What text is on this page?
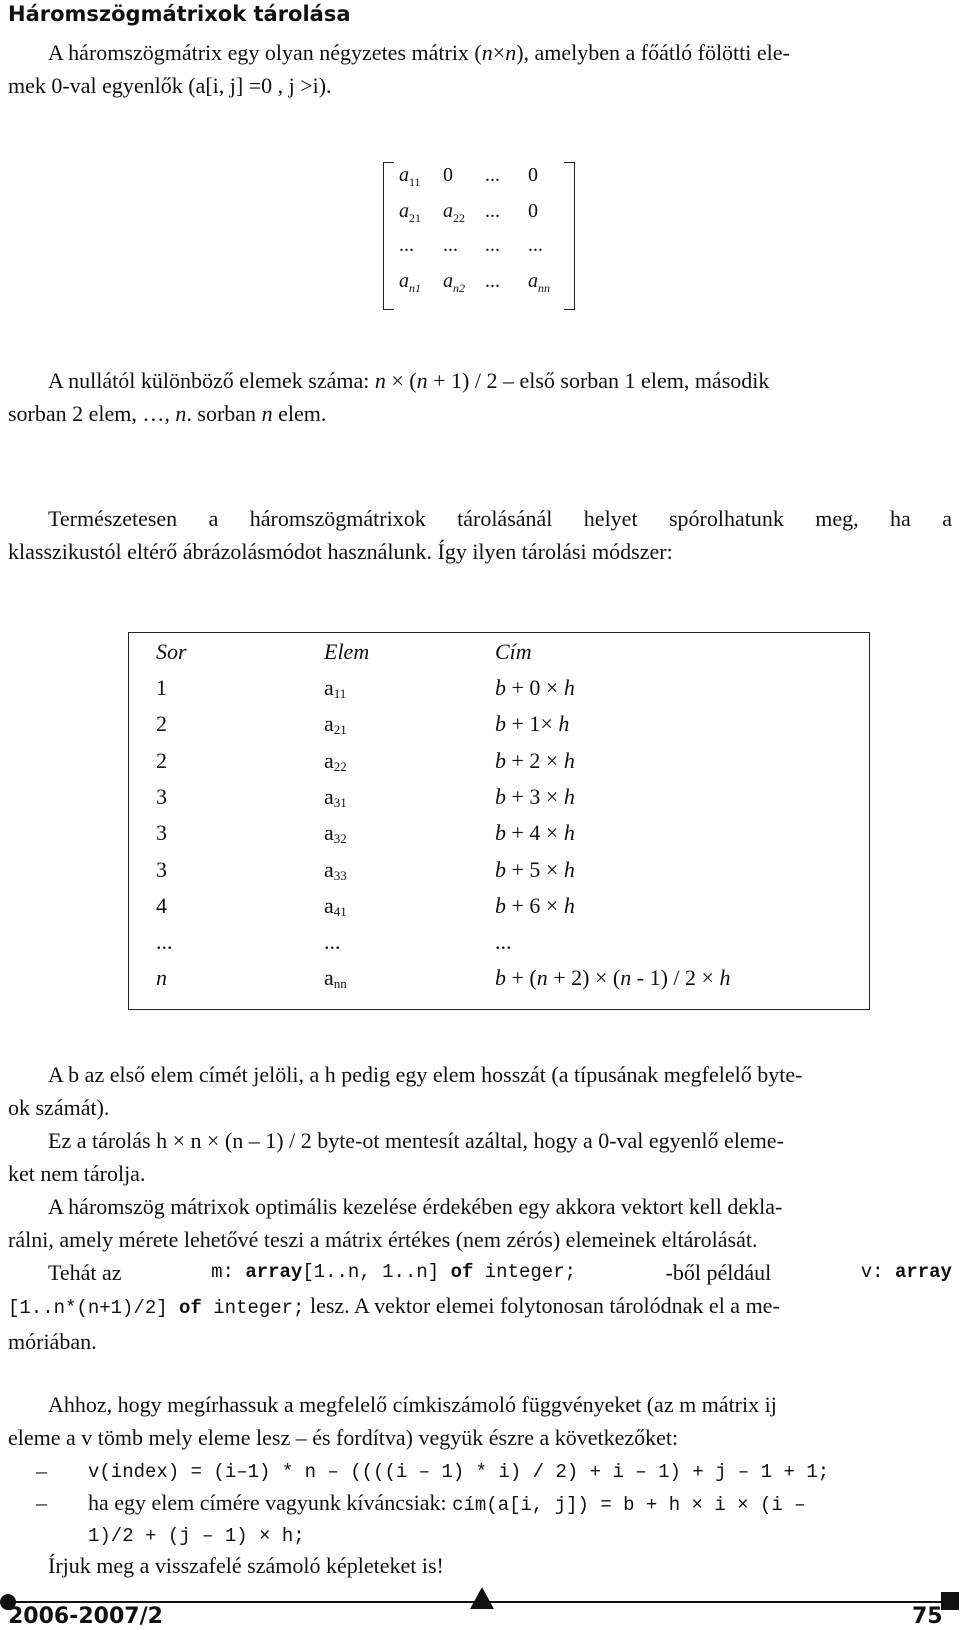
Háromszögmátrixok tárolása
A háromszögmátrix egy olyan négyzetes mátrix (n×n), amelyben a főátló fölötti ele-
mek 0-val egyenlők (a[i, j] =0 , j >i).
$a_{11}$ 0 ... 0
$a_{21}$ $a_{22}$ ... 0
... ... ... ...
$a_{n1}$ $a_{n2}$ ... $a_{nn}$
A nullától különböző elemek száma: n × (n + 1) / 2 – első sorban 1 elem, második
sorban 2 elem, …, n. sorban n elem.
Természetesen a háromszögmátrixok tárolásánál helyet spórolhatunk meg, ha a
klasszikustól eltérő ábrázolásmódot használunk. Így ilyen tárolási módszer:
Sor	Elem	Cím
1	$a_{11}$	b + 0 × h
2	$a_{21}$	b + 1× h
2	$a_{22}$	b + 2 × h
3	$a_{31}$	b + 3 × h
3	$a_{32}$	b + 4 × h
3	$a_{33}$	b + 5 × h
4	$a_{41}$	b + 6 × h
...	...	...
n	$a_{nn}$	b + (n + 2) × (n - 1) / 2 × h
A b az első elem címét jelöli, a h pedig egy elem hosszát (a típusának megfelelő byte-
ok számát).
Ez a tárolás h × n × (n – 1) / 2 byte-ot mentesít azáltal, hogy a 0-val egyenlő eleme-
ket nem tárolja.
A háromszög mátrixok optimális kezelése érdekében egy akkora vektort kell dekla-
rálni, amely mérete lehetővé teszi a mátrix értékes (nem zérós) elemeinek eltárolását.
Tehát az	m: array[1..n, 1..n] of integer;	-ből például	v: array
[1..n*(n+1)/2] of integer; lesz. A vektor elemei folytonosan tárolódnak el a me-
móriában.
Ahhoz, hogy megírhassuk a megfelelő címkiszámoló függvényeket (az m mátrix ij
eleme a v tömb mely eleme lesz – és fordítva) vegyük észre a következőket:
– v(index) = (i–1) * n – ((((i – 1) * i) / 2) + i – 1) + j – 1 + 1;
– ha egy elem címére vagyunk kíváncsiak: cím(a[i, j]) = b + h × i × (i –
1)/2 + (j – 1) × h;
Írjuk meg a visszafelé számoló képleteket is!
2006-2007/2	75
